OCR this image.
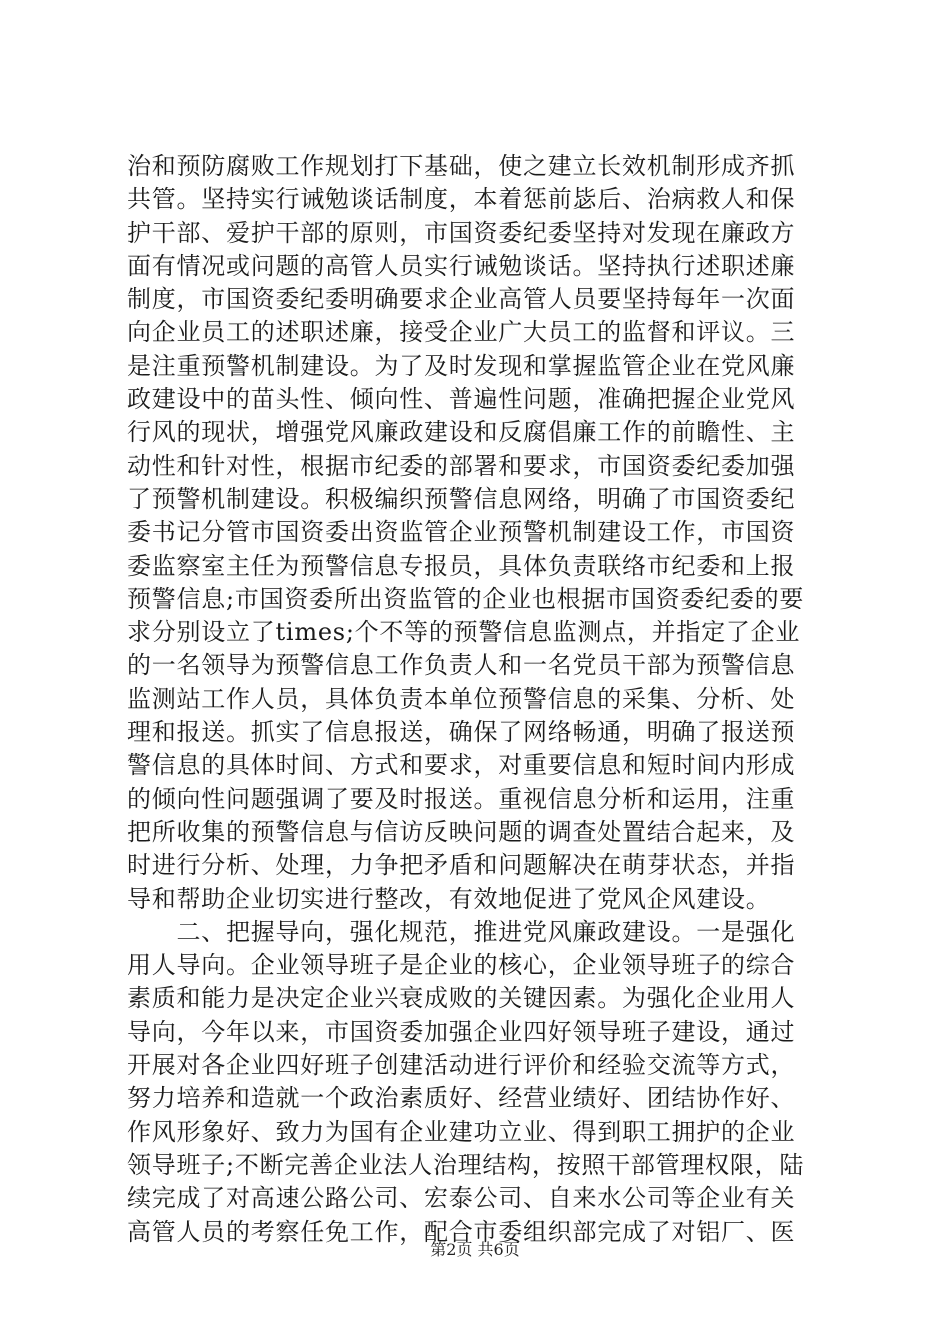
治和预防腐败工作规划打下基础，使之建立长效机制形成齐抓
共管。坚持实行诫勉谈话制度，本着惩前毖后、治病救人和保
护干部、爱护干部的原则，市国资委纪委坚持对发现在廉政方
面有情况或问题的高管人员实行诫勉谈话。坚持执行述职述廉
制度，市国资委纪委明确要求企业高管人员要坚持每年一次面
向企业员工的述职述廉，接受企业广大员工的监督和评议。三
是注重预警机制建设。为了及时发现和掌握监管企业在党风廉
政建设中的苗头性、倾向性、普遍性问题，准确把握企业党风
行风的现状，增强党风廉政建设和反腐倡廉工作的前瞻性、主
动性和针对性，根据市纪委的部署和要求，市国资委纪委加强
了预警机制建设。积极编织预警信息网络，明确了市国资委纪
委书记分管市国资委出资监管企业预警机制建设工作，市国资
委监察室主任为预警信息专报员，具体负责联络市纪委和上报
预警信息;市国资委所出资监管的企业也根据市国资委纪委的要
求分别设立了times;个不等的预警信息监测点，并指定了企业
的一名领导为预警信息工作负责人和一名党员干部为预警信息
监测站工作人员，具体负责本单位预警信息的采集、分析、处
理和报送。抓实了信息报送，确保了网络畅通，明确了报送预
警信息的具体时间、方式和要求，对重要信息和短时间内形成
的倾向性问题强调了要及时报送。重视信息分析和运用，注重
把所收集的预警信息与信访反映问题的调查处置结合起来，及
时进行分析、处理，力争把矛盾和问题解决在萌芽状态，并指
导和帮助企业切实进行整改，有效地促进了党风企风建设。
　　二、把握导向，强化规范，推进党风廉政建设。一是强化
用人导向。企业领导班子是企业的核心，企业领导班子的综合
素质和能力是决定企业兴衰成败的关键因素。为强化企业用人
导向，今年以来，市国资委加强企业四好领导班子建设，通过
开展对各企业四好班子创建活动进行评价和经验交流等方式，
努力培养和造就一个政治素质好、经营业绩好、团结协作好、
作风形象好、致力为国有企业建功立业、得到职工拥护的企业
领导班子;不断完善企业法人治理结构，按照干部管理权限，陆
续完成了对高速公路公司、宏泰公司、自来水公司等企业有关
高管人员的考察任免工作，配合市委组织部完成了对铝厂、医
第2页 共6页
